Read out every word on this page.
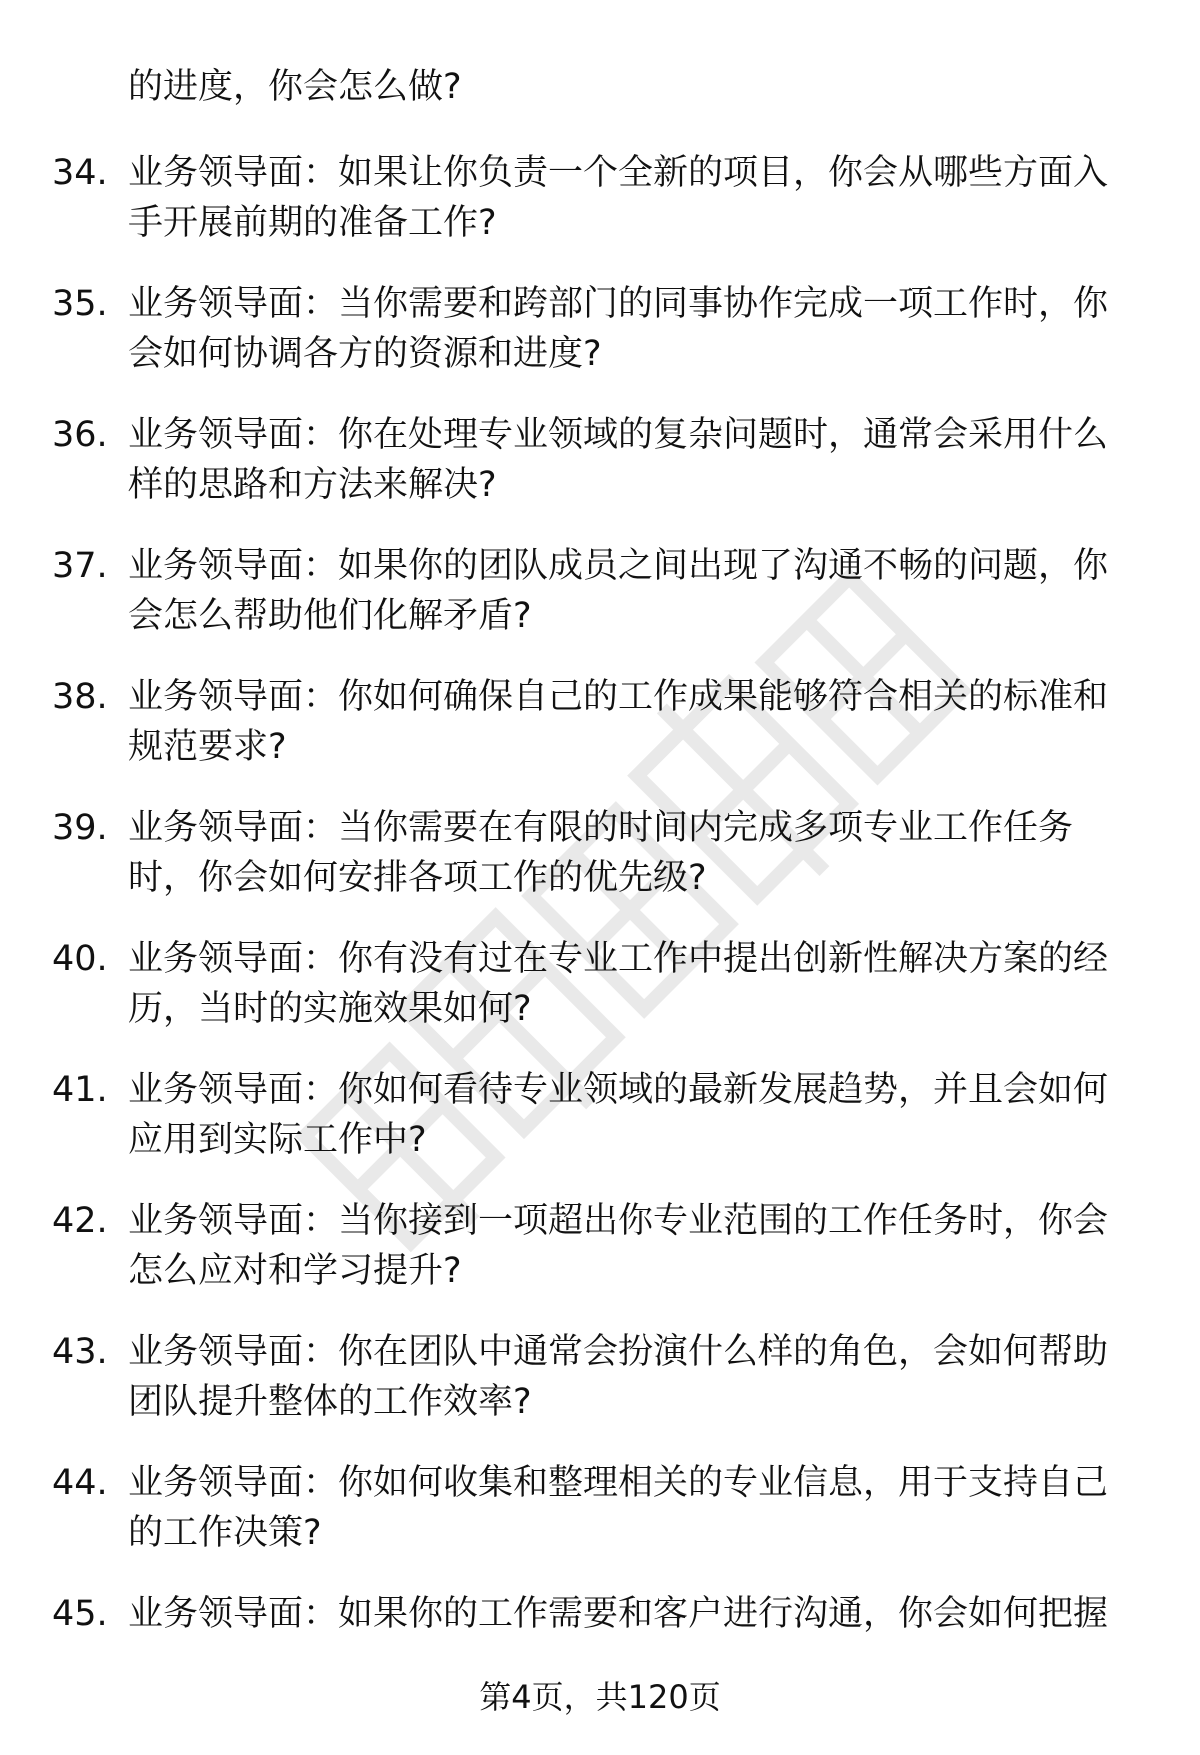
的进度，你会怎么做?
34. 业务领导面：如果让你负责一个全新的项目，你会从哪些方面入
手开展前期的准备工作?
35. 业务领导面：当你需要和跨部门的同事协作完成一项工作时，你
会如何协调各方的资源和进度?
36. 业务领导面：你在处理专业领域的复杂问题时，通常会采用什么
样的思路和方法来解决?
37. 业务领导面：如果你的团队成员之间出现了沟通不畅的问题，你
会怎么帮助他们化解矛盾?
38. 业务领导面：你如何确保自己的工作成果能够符合相关的标准和
规范要求?
39. 业务领导面：当你需要在有限的时间内完成多项专业工作任务
时，你会如何安排各项工作的优先级?
40. 业务领导面：你有没有过在专业工作中提出创新性解决方案的经
历，当时的实施效果如何?
41. 业务领导面：你如何看待专业领域的最新发展趋势，并且会如何
应用到实际工作中?
42. 业务领导面：当你接到一项超出你专业范围的工作任务时，你会
怎么应对和学习提升?
43. 业务领导面：你在团队中通常会扮演什么样的角色，会如何帮助
团队提升整体的工作效率?
44. 业务领导面：你如何收集和整理相关的专业信息，用于支持自己
的工作决策?
45. 业务领导面：如果你的工作需要和客户进行沟通，你会如何把握
第4页，共120页
